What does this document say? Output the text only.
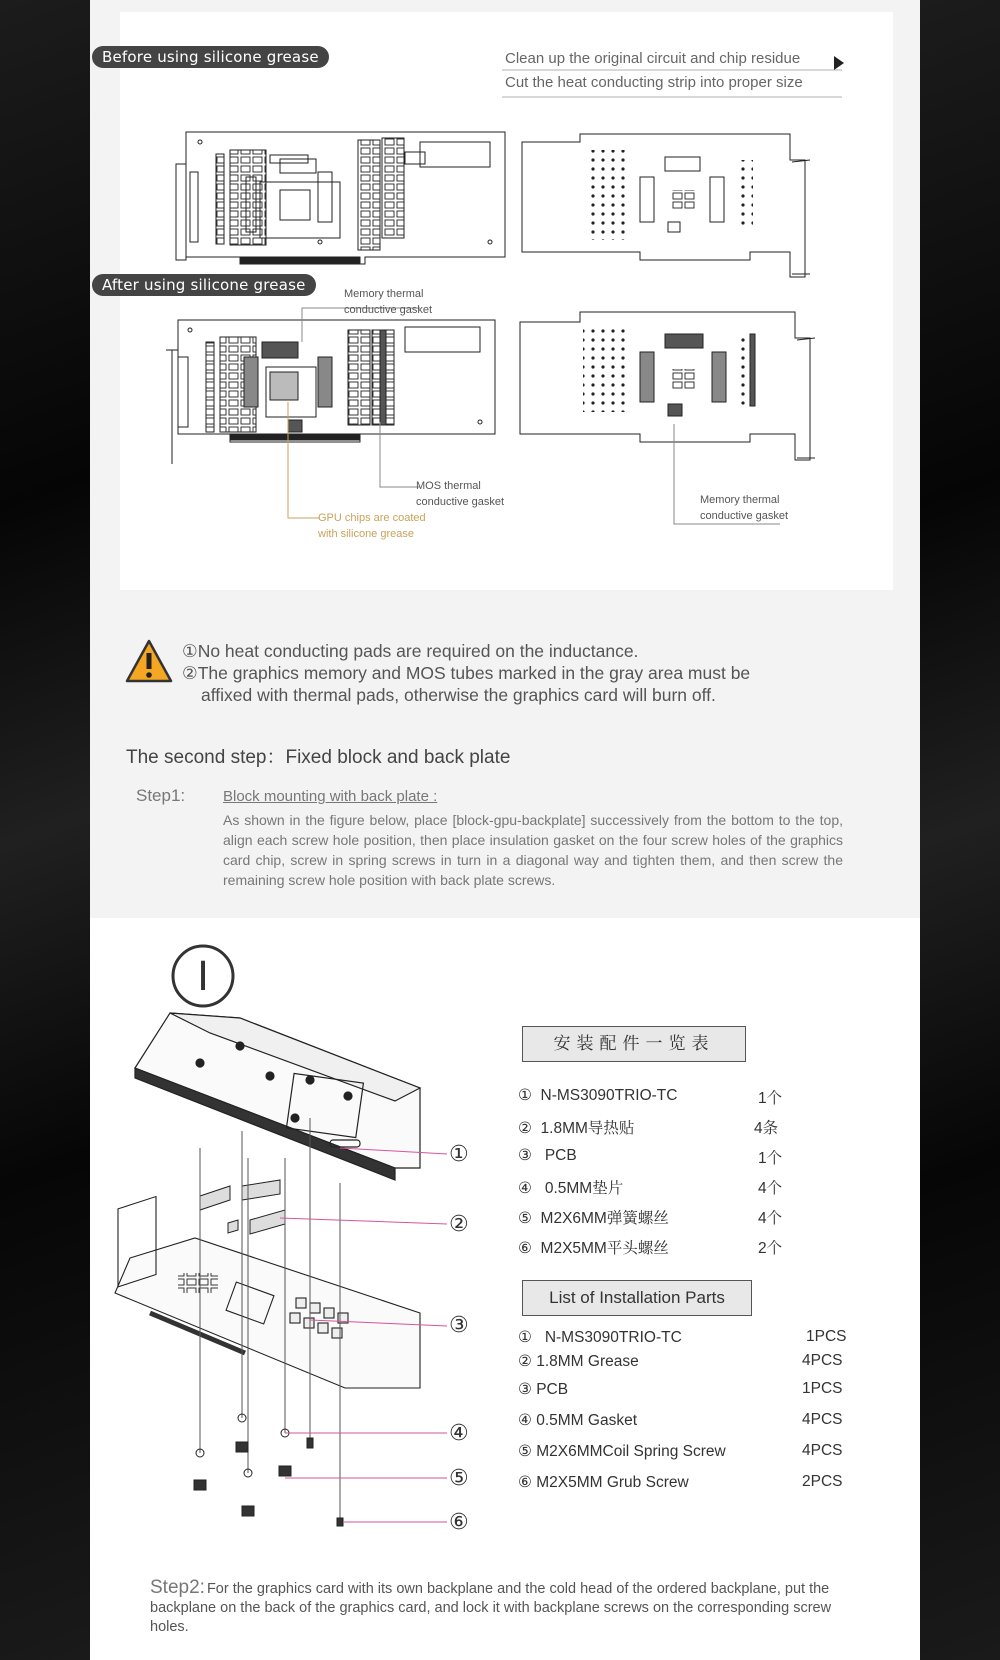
Before using silicone grease
After using silicone grease
Clean up the original circuit and chip residue
Cut the heat conducting strip into proper size
Memory thermal
conductive gasket
MOS thermal
conductive gasket
GPU chips are coated
with silicone grease
Memory thermal
conductive gasket
①No heat conducting pads are required on the inductance.
②The graphics memory and MOS tubes marked in the gray area must be
affixed with thermal pads, otherwise the graphics card will burn off.
The second step：Fixed block and back plate
Step1:	Block mounting with back plate :
As shown in the figure below, place [block-gpu-backplate] successively from the bottom to the top, align each screw hole position, then place insulation gasket on the four screw holes of the graphics card chip, screw in spring screws in turn in a diagonal way and tighten them, and then screw the remaining screw hole position with back plate screws.
Ⅰ
①
②
③
④
⑤
⑥
安装配件一览表
① N-MS3090TRIO-TC	1个
② 1.8MM导热贴	4条
③ PCB	1个
④ 0.5MM垫片	4个
⑤ M2X6MM弹簧螺丝	4个
⑥ M2X5MM平头螺丝	2个
List of Installation Parts
① N-MS3090TRIO-TC	1PCS
② 1.8MM Grease	4PCS
③ PCB	1PCS
④ 0.5MM Gasket	4PCS
⑤ M2X6MMCoil Spring Screw	4PCS
⑥ M2X5MM Grub Screw	2PCS
Step2: For the graphics card with its own backplane and the cold head of the ordered backplane, put the backplane on the back of the graphics card, and lock it with backplane screws on the corresponding screw holes.
